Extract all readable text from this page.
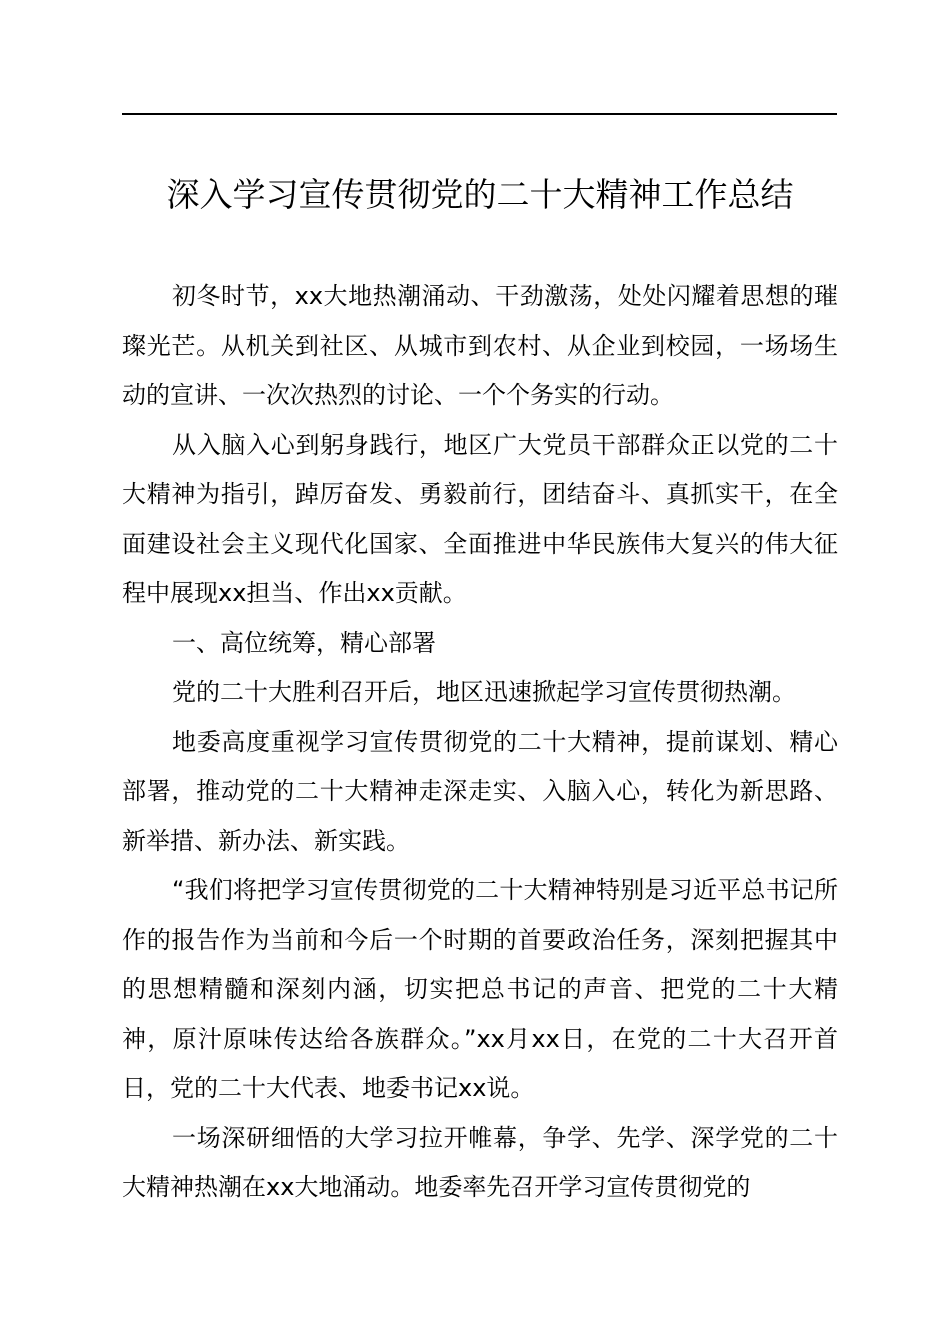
深入学习宣传贯彻党的二十大精神工作总结

初冬时节，xx大地热潮涌动、干劲激荡，处处闪耀着思想的璀璨光芒。从机关到社区、从城市到农村、从企业到校园，一场场生动的宣讲、一次次热烈的讨论、一个个务实的行动。

从入脑入心到躬身践行，地区广大党员干部群众正以党的二十大精神为指引，踔厉奋发、勇毅前行，团结奋斗、真抓实干，在全面建设社会主义现代化国家、全面推进中华民族伟大复兴的伟大征程中展现xx担当、作出xx贡献。

一、高位统筹，精心部署

党的二十大胜利召开后，地区迅速掀起学习宣传贯彻热潮。

地委高度重视学习宣传贯彻党的二十大精神，提前谋划、精心部署，推动党的二十大精神走深走实、入脑入心，转化为新思路、新举措、新办法、新实践。

“我们将把学习宣传贯彻党的二十大精神特别是习近平总书记所作的报告作为当前和今后一个时期的首要政治任务，深刻把握其中的思想精髓和深刻内涵，切实把总书记的声音、把党的二十大精神，原汁原味传达给各族群众。”xx月xx日，在党的二十大召开首日，党的二十大代表、地委书记xx说。

一场深研细悟的大学习拉开帷幕，争学、先学、深学党的二十大精神热潮在xx大地涌动。地委率先召开学习宣传贯彻党的
